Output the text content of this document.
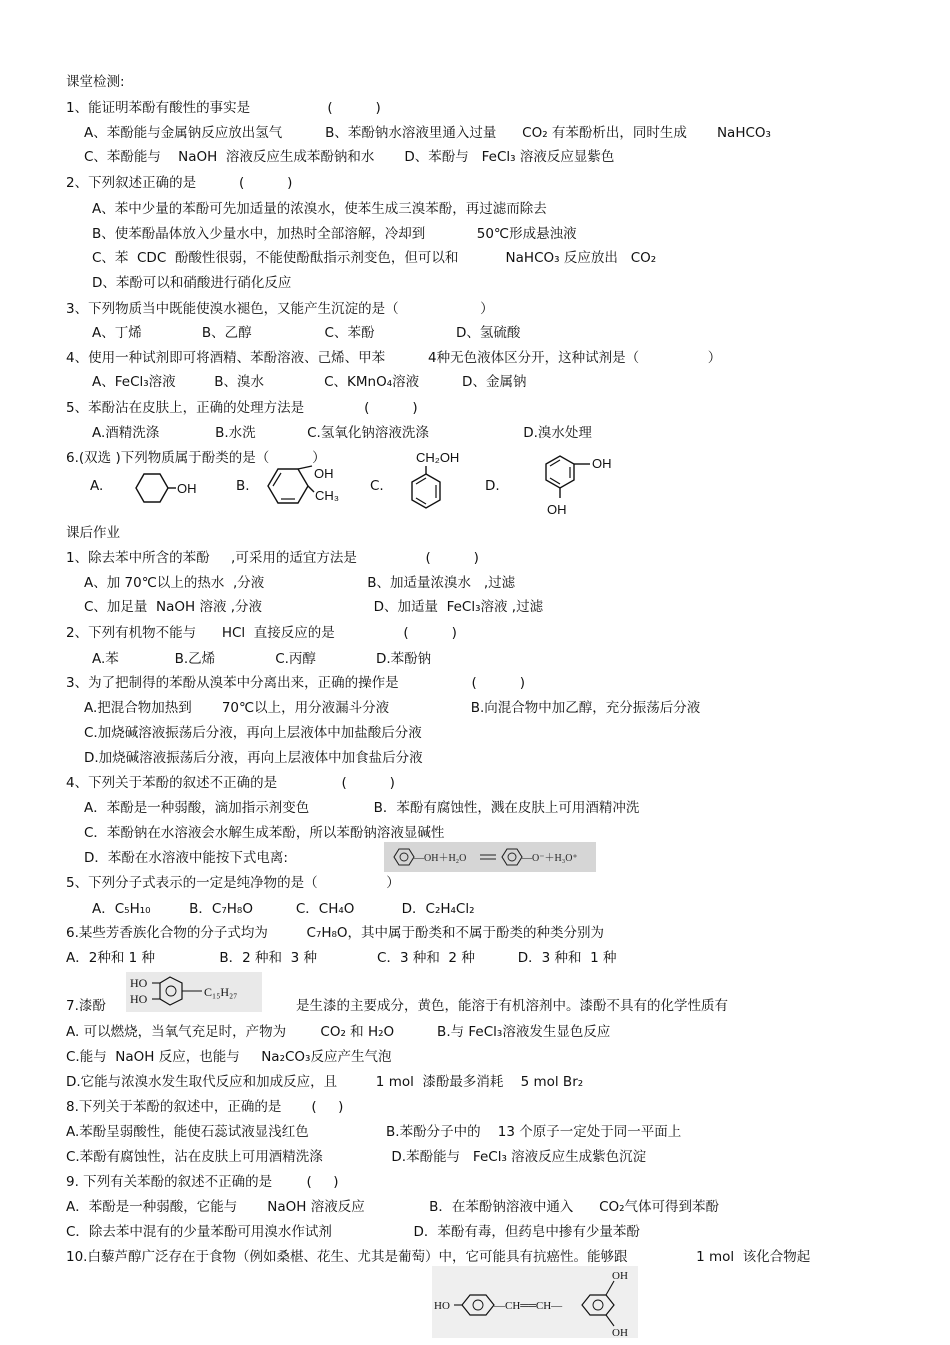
课堂检测:
1、能证明苯酚有酸性的事实是                  (          )
A、苯酚能与金属钠反应放出氢气          B、苯酚钠水溶液里通入过量      CO₂ 有苯酚析出，同时生成       NaHCO₃
C、苯酚能与    NaOH  溶液反应生成苯酚钠和水       D、苯酚与   FeCl₃ 溶液反应显紫色
2、下列叙述正确的是          (          )
A、苯中少量的苯酚可先加适量的浓溴水，使苯生成三溴苯酚，再过滤而除去
B、使苯酚晶体放入少量水中，加热时全部溶解，冷却到            50℃形成悬浊液
C、苯  CDC  酚酸性很弱，不能使酚酞指示剂变色，但可以和           NaHCO₃ 反应放出   CO₂
D、苯酚可以和硝酸进行硝化反应
3、下列物质当中既能使溴水褪色，又能产生沉淀的是（                   ）
A、丁烯              B、乙醇                 C、苯酚                   D、氢硫酸
4、使用一种试剂即可将酒精、苯酚溶液、己烯、甲苯          4种无色液体区分开，这种试剂是（                ）
A、FeCl₃溶液         B、溴水              C、KMnO₄溶液          D、金属钠
5、苯酚沾在皮肤上，正确的处理方法是              (          )
A.酒精洗涤             B.水洗            C.氢氧化钠溶液洗涤                      D.溴水处理
6.(双选 )下列物质属于酚类的是（          ）
A.	OH	B.
OH
CH₃
C.
CH₂OH
D.
OH
OH
课后作业
1、除去苯中所含的苯酚     ,可采用的适宜方法是                (          )
A、加 70℃以上的热水  ,分液                        B、加适量浓溴水   ,过滤
C、加足量  NaOH 溶液 ,分液                          D、加适量  FeCl₃溶液 ,过滤
2、下列有机物不能与      HCl  直接反应的是                (          )
A.苯             B.乙烯              C.丙醇              D.苯酚钠
3、为了把制得的苯酚从溴苯中分离出来，正确的操作是                 (          )
A.把混合物加热到       70℃以上，用分液漏斗分液                   B.向混合物中加乙醇，充分振荡后分液
C.加烧碱溶液振荡后分液，再向上层液体中加盐酸后分液
D.加烧碱溶液振荡后分液，再向上层液体中加食盐后分液
4、下列关于苯酚的叙述不正确的是               (          )
A．苯酚是一种弱酸，滴加指示剂变色               B．苯酚有腐蚀性，溅在皮肤上可用酒精冲洗
C．苯酚钠在水溶液会水解生成苯酚，所以苯酚钠溶液显碱性
D．苯酚在水溶液中能按下式电离:	—OH＋H₂O	—O⁻＋H₃O⁺
5、下列分子式表示的一定是纯净物的是（                ）
A．C₅H₁₀         B．C₇H₈O          C．CH₄O           D．C₂H₄Cl₂
6.某些芳香族化合物的分子式均为         C₇H₈O，其中属于酚类和不属于酚类的种类分别为
A．2种和 1 种               B．2 种和  3 种              C．3 种和  2 种          D．3 种和  1 种
HO
HO	C₁₅H₂₇
7.漆酚	是生漆的主要成分，黄色，能溶于有机溶剂中。漆酚不具有的化学性质有
A. 可以燃烧，当氧气充足时，产物为        CO₂ 和 H₂O          B.与 FeCl₃溶液发生显色反应
C.能与  NaOH 反应，也能与     Na₂CO₃反应产生气泡
D.它能与浓溴水发生取代反应和加成反应，且         1 mol  漆酚最多消耗    5 mol Br₂
8.下列关于苯酚的叙述中，正确的是       (     )
A.苯酚呈弱酸性，能使石蕊试液显浅红色                  B.苯酚分子中的    13 个原子一定处于同一平面上
C.苯酚有腐蚀性，沾在皮肤上可用酒精洗涤                D.苯酚能与   FeCl₃ 溶液反应生成紫色沉淀
9. 下列有关苯酚的叙述不正确的是        (     )
A．苯酚是一种弱酸，它能与       NaOH 溶液反应               B．在苯酚钠溶液中通入      CO₂气体可得到苯酚
C．除去苯中混有的少量苯酚可用溴水作试剂                   D．苯酚有毒，但药皂中掺有少量苯酚
10.白藜芦醇广泛存在于食物（例如桑椹、花生、尤其是葡萄）中，它可能具有抗癌性。能够跟                1 mol  该化合物起
HO	—CH══CH—
OH
OH
